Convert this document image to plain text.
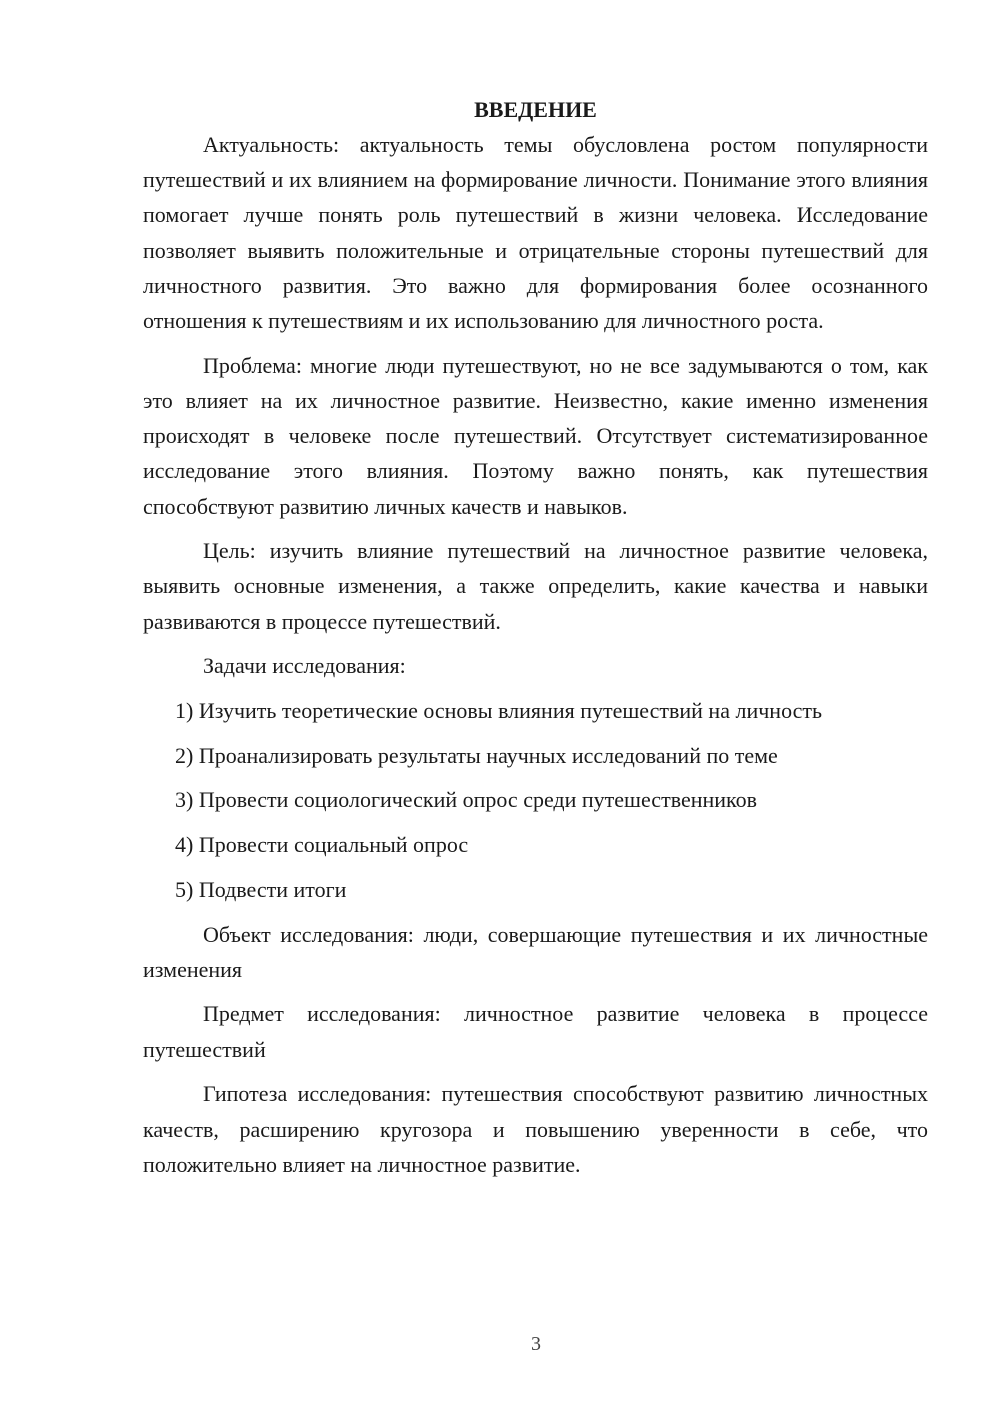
ВВЕДЕНИЕ

Актуальность: актуальность темы обусловлена ростом популярности путешествий и их влиянием на формирование личности. Понимание этого влияния помогает лучше понять роль путешествий в жизни человека. Исследование позволяет выявить положительные и отрицательные стороны путешествий для личностного развития. Это важно для формирования более осознанного отношения к путешествиям и их использованию для личностного роста.

Проблема: многие люди путешествуют, но не все задумываются о том, как это влияет на их личностное развитие. Неизвестно, какие именно изменения происходят в человеке после путешествий. Отсутствует систематизированное исследование этого влияния. Поэтому важно понять, как путешествия способствуют развитию личных качеств и навыков.

Цель: изучить влияние путешествий на личностное развитие человека, выявить основные изменения, а также определить, какие качества и навыки развиваются в процессе путешествий.

Задачи исследования:

1) Изучить теоретические основы влияния путешествий на личность
2) Проанализировать результаты научных исследований по теме
3) Провести социологический опрос среди путешественников
4) Провести социальный опрос
5) Подвести итоги

Объект исследования: люди, совершающие путешествия и их личностные изменения

Предмет исследования: личностное развитие человека в процессе путешествий

Гипотеза исследования: путешествия способствуют развитию личностных качеств, расширению кругозора и повышению уверенности в себе, что положительно влияет на личностное развитие.

3
